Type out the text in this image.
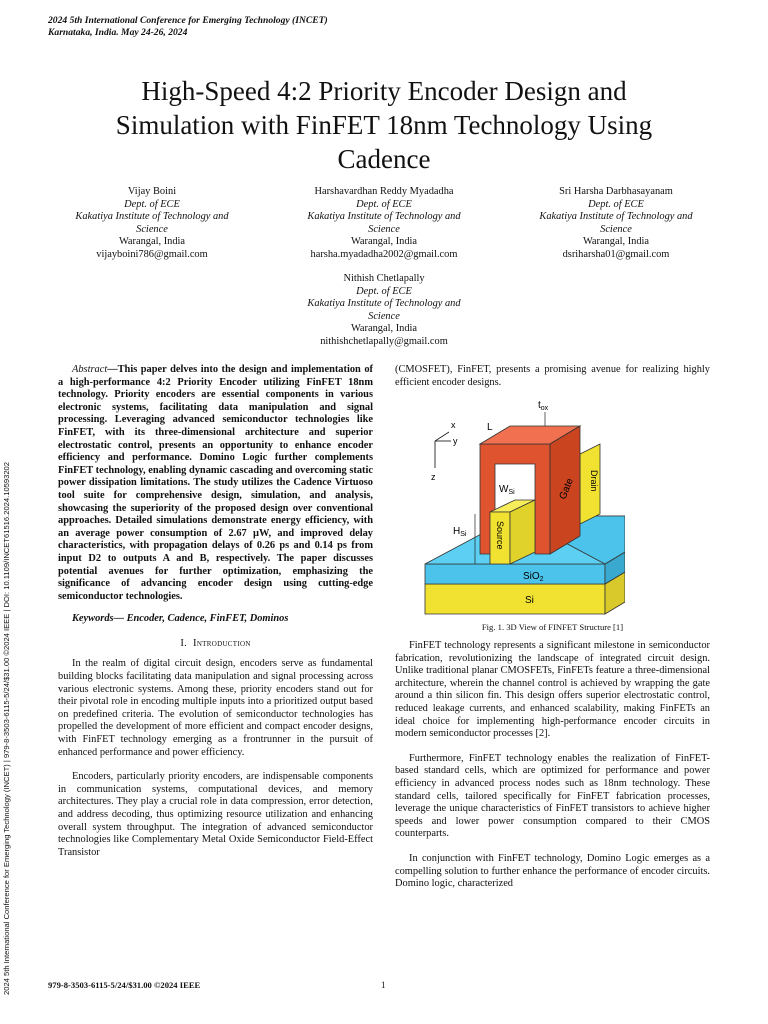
2024 5th International Conference for Emerging Technology (INCET)
Karnataka, India. May 24-26, 2024
2024 5th International Conference for Emerging Technology (INCET) | 979-8-3503-6115-5/24/$31.00 ©2024 IEEE | DOI: 10.1109/INCET61516.2024.10593202
High-Speed 4:2 Priority Encoder Design and
Simulation with FinFET 18nm Technology Using
Cadence
Vijay Boini
Dept. of ECE
Kakatiya Institute of Technology and
Science
Warangal, India
vijayboini786@gmail.com
Harshavardhan Reddy Myadadha
Dept. of ECE
Kakatiya Institute of Technology and
Science
Warangal, India
harsha.myadadha2002@gmail.com
Sri Harsha Darbhasayanam
Dept. of ECE
Kakatiya Institute of Technology and
Science
Warangal, India
dsriharsha01@gmail.com
Nithish Chetlapally
Dept. of ECE
Kakatiya Institute of Technology and
Science
Warangal, India
nithishchetlapally@gmail.com

Abstract—This paper delves into the design and implementation of a high-performance 4:2 Priority Encoder utilizing FinFET 18nm technology. Priority encoders are essential components in various electronic systems, facilitating data manipulation and signal processing. Leveraging advanced semiconductor technologies like FinFET, with its three-dimensional architecture and superior electrostatic control, presents an opportunity to enhance encoder efficiency and performance. Domino Logic further complements FinFET technology, enabling dynamic cascading and overcoming static power dissipation limitations. The study utilizes the Cadence Virtuoso tool suite for comprehensive design, simulation, and analysis, showcasing the superiority of the proposed design over conventional approaches. Detailed simulations demonstrate energy efficiency, with an average power consumption of 2.67 µW, and improved delay characteristics, with propagation delays of 0.26 ps and 0.14 ps from input D2 to outputs A and B, respectively. The paper discusses potential avenues for further optimization, emphasizing the significance of advancing encoder design using cutting-edge semiconductor technologies.

Keywords— Encoder, Cadence, FinFET, Dominos

I. Introduction

In the realm of digital circuit design, encoders serve as fundamental building blocks facilitating data manipulation and signal processing across various electronic systems. Among these, priority encoders stand out for their pivotal role in encoding multiple inputs into a prioritized output based on predefined criteria. The evolution of semiconductor technologies has propelled the development of more efficient and compact encoder designs, with FinFET technology emerging as a frontrunner in the pursuit of enhanced performance and power efficiency.

Encoders, particularly priority encoders, are indispensable components in communication systems, computational devices, and memory architectures. They play a crucial role in data compression, error detection, and address decoding, thus optimizing resource utilization and enhancing overall system throughput. The integration of advanced semiconductor technologies like Complementary Metal Oxide Semiconductor Field-Effect Transistor

(CMOSFET), FinFET, presents a promising avenue for realizing highly efficient encoder designs.

x
y
z
L
$t_{ox}$
$W_{Si}$
$H_{Si}$
Gate Drain
Source
SiO$_2$
Si
Fig. 1. 3D View of FINFET Structure [1]

FinFET technology represents a significant milestone in semiconductor fabrication, revolutionizing the landscape of integrated circuit design. Unlike traditional planar CMOSFETs, FinFETs feature a three-dimensional architecture, wherein the channel control is achieved by wrapping the gate around a thin silicon fin. This design offers superior electrostatic control, reduced leakage currents, and enhanced scalability, making FinFETs an ideal choice for implementing high-performance encoder circuits in modern semiconductor processes [2].

Furthermore, FinFET technology enables the realization of FinFET-based standard cells, which are optimized for performance and power efficiency in advanced process nodes such as 18nm technology. These standard cells, tailored specifically for FinFET fabrication processes, leverage the unique characteristics of FinFET transistors to achieve higher speeds and lower power consumption compared to their CMOS counterparts.

In conjunction with FinFET technology, Domino Logic emerges as a compelling solution to further enhance the performance of encoder circuits. Domino logic, characterized

979-8-3503-6115-5/24/$31.00 ©2024 IEEE	1
